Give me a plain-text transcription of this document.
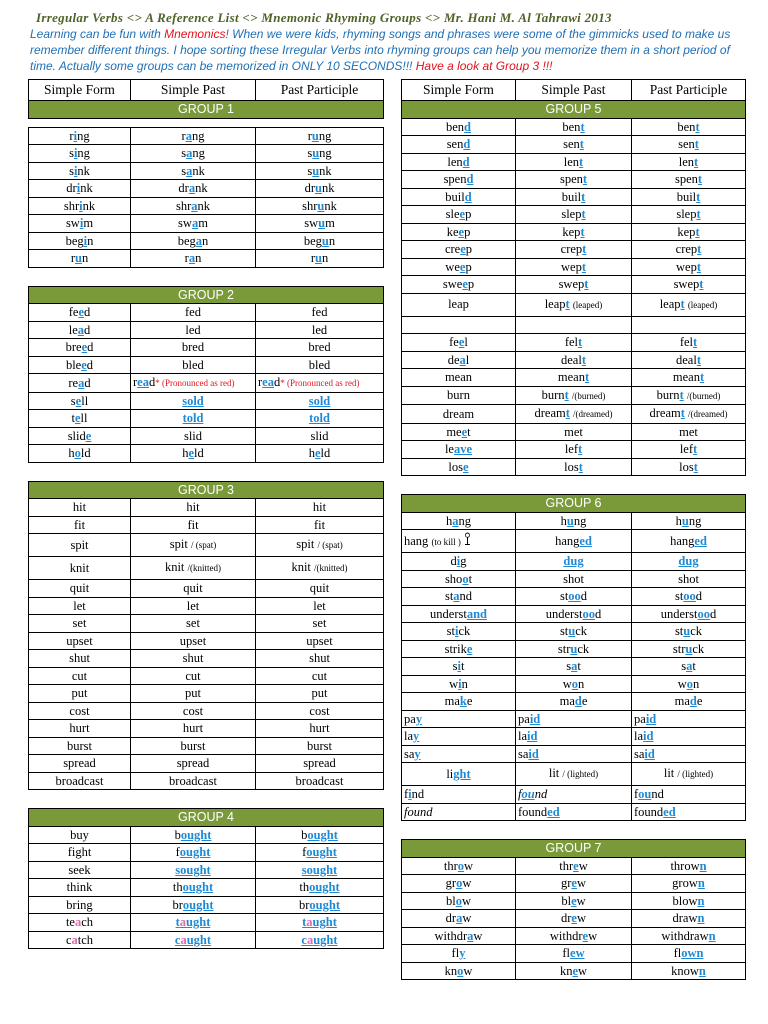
Irregular Verbs <> A Reference List <> Mnemonic Rhyming Groups <> Mr. Hani M. Al Tahrawi 2013
Learning can be fun with Mnemonics! When we were kids, rhyming songs and phrases were some of the gimmicks used to make us remember different things. I hope sorting these Irregular Verbs into rhyming groups can help you memorize them in a short period of time. Actually some groups can be memorized in ONLY 10 SECONDS!!! Have a look at Group 3 !!!
Simple Form	Simple Past	Past Participle
GROUP 1		

ring	rang	rung
sing	sang	sung
sink	sank	sunk
drink	drank	drunk
shrink	shrank	shrunk
swim	swam	swum
begin	began	begun
run	ran	run

GROUP 2		
feed	fed	fed
lead	led	led
breed	bred	bred
bleed	bled	bled
read	read* (Pronounced as red)	read* (Pronounced as red)
sell	sold	sold
tell	told	told
slide	slid	slid
hold	held	held

GROUP 3		
hit	hit	hit
fit	fit	fit
spit	spit / (spat)	spit / (spat)
knit	knit /(knitted)	knit /(knitted)
quit	quit	quit
let	let	let
set	set	set
upset	upset	upset
shut	shut	shut
cut	cut	cut
put	put	put
cost	cost	cost
hurt	hurt	hurt
burst	burst	burst
spread	spread	spread
broadcast	broadcast	broadcast

GROUP 4		
buy	bought	bought
fight	fought	fought
seek	sought	sought
think	thought	thought
bring	brought	brought
teach	taught	taught
catch	caught	caught
Simple Form	Simple Past	Past Participle
GROUP 5		
bend	bent	bent
send	sent	sent
lend	lent	lent
spend	spent	spent
build	built	built
sleep	slept	slept
keep	kept	kept
creep	crept	crept
weep	wept	wept
sweep	swept	swept
leap	leapt (leaped)	leapt (leaped)

feel	felt	felt
deal	dealt	dealt
mean	meant	meant
burn	burnt /(burned)	burnt /(burned)
dream	dreamt /(dreamed)	dreamt /(dreamed)
meet	met	met
leave	left	left
lose	lost	lost

GROUP 6		
hang	hung	hung
hang (to kill ) ⟟	hanged	hanged
dig	dug	dug
shoot	shot	shot
stand	stood	stood
understand	understood	understood
stick	stuck	stuck
strike	struck	struck
sit	sat	sat
win	won	won
make	made	made
pay	paid	paid
lay	laid	laid
say	said	said
light	lit / (lighted)	lit / (lighted)
find	found	found
found	founded	founded

GROUP 7		
throw	threw	thrown
grow	grew	grown
blow	blew	blown
draw	drew	drawn
withdraw	withdrew	withdrawn
fly	flew	flown
know	knew	known
